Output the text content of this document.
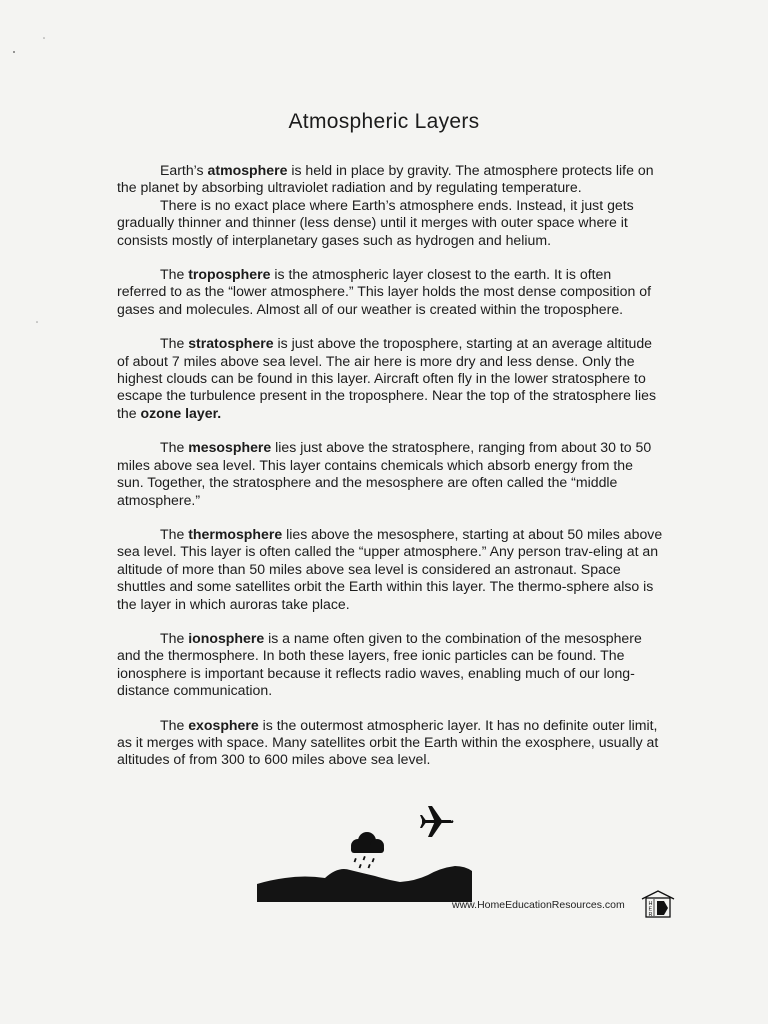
Atmospheric Layers

Earth’s atmosphere is held in place by gravity. The atmosphere protects life on the planet by absorbing ultraviolet radiation and by regulating temperature.

There is no exact place where Earth’s atmosphere ends. Instead, it just gets gradually thinner and thinner (less dense) until it merges with outer space where it consists mostly of interplanetary gases such as hydrogen and helium.

The troposphere is the atmospheric layer closest to the earth. It is often referred to as the “lower atmosphere.” This layer holds the most dense composition of gases and molecules. Almost all of our weather is created within the troposphere.

The stratosphere is just above the troposphere, starting at an average altitude of about 7 miles above sea level. The air here is more dry and less dense. Only the highest clouds can be found in this layer. Aircraft often fly in the lower stratosphere to escape the turbulence present in the troposphere. Near the top of the stratosphere lies the ozone layer.

The mesosphere lies just above the stratosphere, ranging from about 30 to 50 miles above sea level. This layer contains chemicals which absorb energy from the sun. Together, the stratosphere and the mesosphere are often called the “middle atmosphere.”

The thermosphere lies above the mesosphere, starting at about 50 miles above sea level. This layer is often called the “upper atmosphere.” Any person trav-eling at an altitude of more than 50 miles above sea level is considered an astronaut. Space shuttles and some satellites orbit the Earth within this layer. The thermo-sphere also is the layer in which auroras take place.

The ionosphere is a name often given to the combination of the mesosphere and the thermosphere. In both these layers, free ionic particles can be found. The ionosphere is important because it reflects radio waves, enabling much of our long-distance communication.

The exosphere is the outermost atmospheric layer. It has no definite outer limit, as it merges with space. Many satellites orbit the Earth within the exosphere, usually at altitudes of from 300 to 600 miles above sea level.

www.HomeEducationResources.com	H
E
R
